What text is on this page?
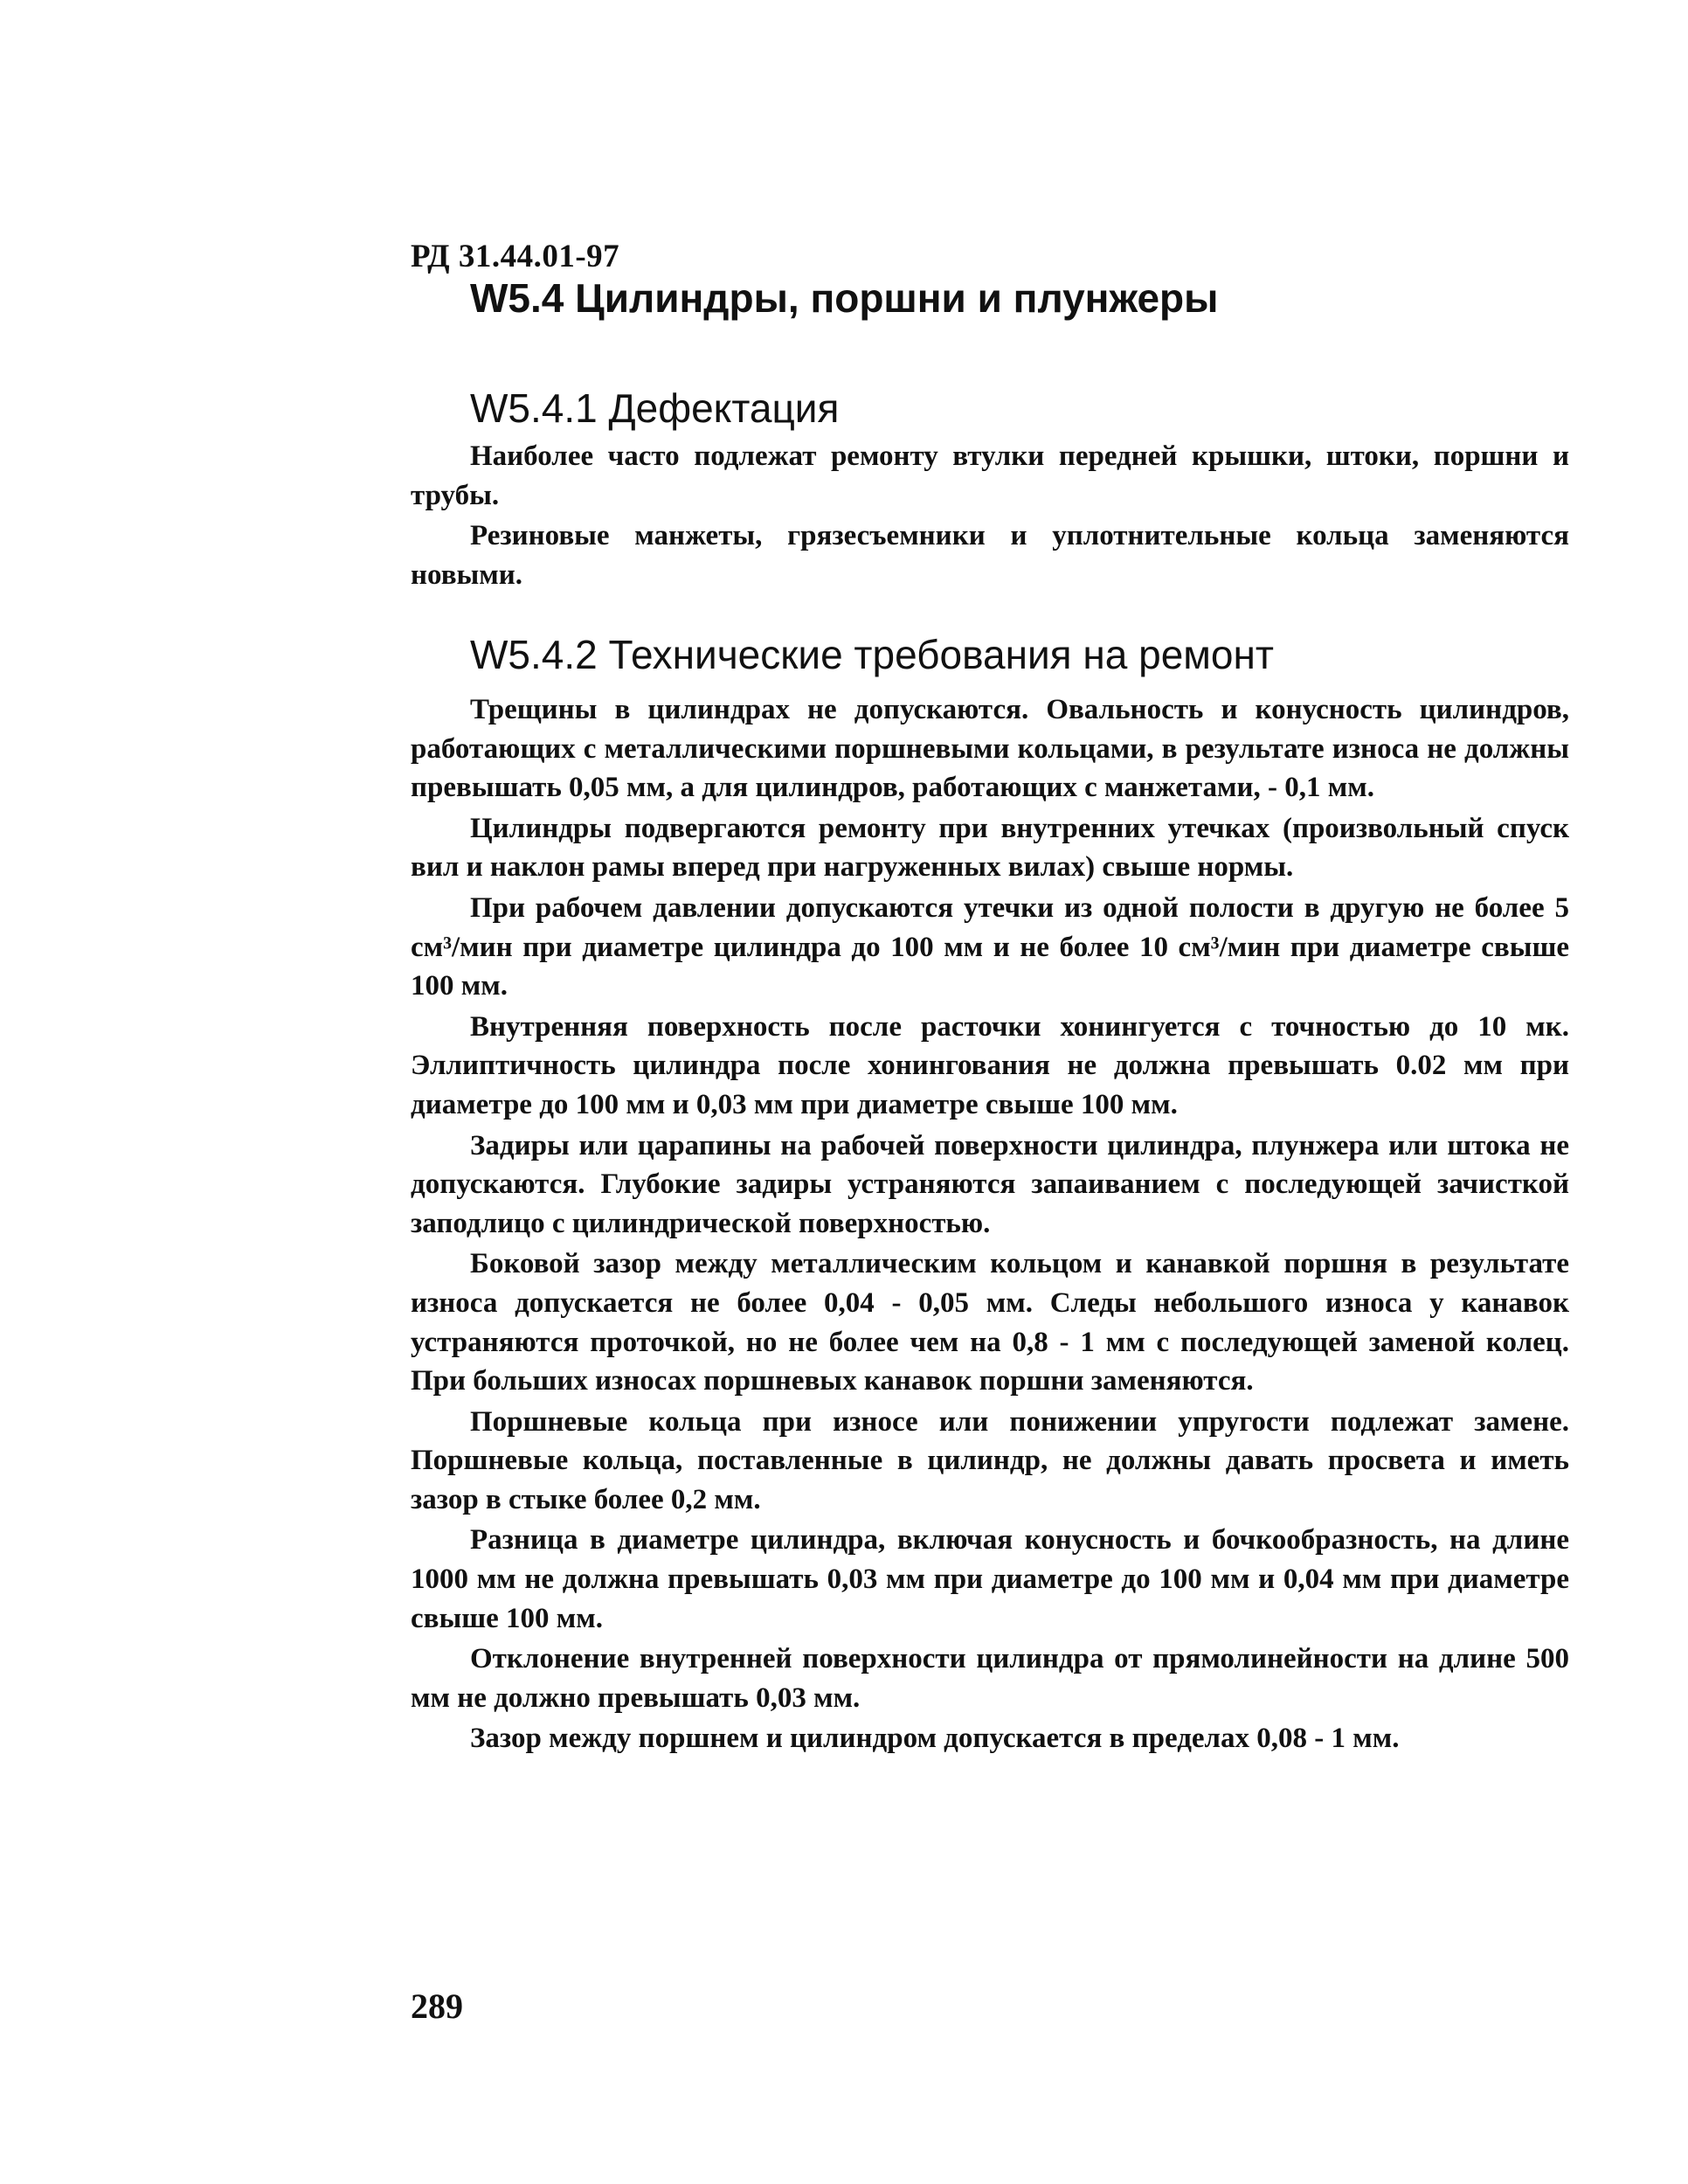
РД 31.44.01-97
W5.4 Цилиндры, поршни и плунжеры
W5.4.1 Дефектация

Наиболее часто подлежат ремонту втулки передней крышки, штоки, поршни и трубы.

Резиновые манжеты, грязесъемники и уплотнительные кольца заменяются новыми.

W5.4.2 Технические требования на ремонт

Трещины в цилиндрах не допускаются. Овальность и конусность цилиндров, работающих с металлическими поршневыми кольцами, в результате износа не должны превышать 0,05 мм, а для цилиндров, работающих с манжетами, - 0,1 мм.

Цилиндры подвергаются ремонту при внутренних утечках (произвольный спуск вил и наклон рамы вперед при нагруженных вилах) свыше нормы.

При рабочем давлении допускаются утечки из одной полости в другую не более 5 см³/мин при диаметре цилиндра до 100 мм и не более 10 см³/мин при диаметре свыше 100 мм.

Внутренняя поверхность после расточки хонингуется с точностью до 10 мк. Эллиптичность цилиндра после хонингования не должна превышать 0.02 мм при диаметре до 100 мм и 0,03 мм при диаметре свыше 100 мм.

Задиры или царапины на рабочей поверхности цилиндра, плунжера или штока не допускаются. Глубокие задиры устраняются запаиванием с последующей зачисткой заподлицо с цилиндрической поверхностью.

Боковой зазор между металлическим кольцом и канавкой поршня в результате износа допускается не более 0,04 - 0,05 мм. Следы небольшого износа у канавок устраняются проточкой, но не более чем на 0,8 - 1 мм с последующей заменой колец. При больших износах поршневых канавок поршни заменяются.

Поршневые кольца при износе или понижении упругости подлежат замене. Поршневые кольца, поставленные в цилиндр, не должны давать просвета и иметь зазор в стыке более 0,2 мм.

Разница в диаметре цилиндра, включая конусность и бочкообразность, на длине 1000 мм не должна превышать 0,03 мм при диаметре до 100 мм и 0,04 мм при диаметре свыше 100 мм.

Отклонение внутренней поверхности цилиндра от прямолинейности на длине 500 мм не должно превышать 0,03 мм.

Зазор между поршнем и цилиндром допускается в пределах 0,08 - 1 мм.

289
